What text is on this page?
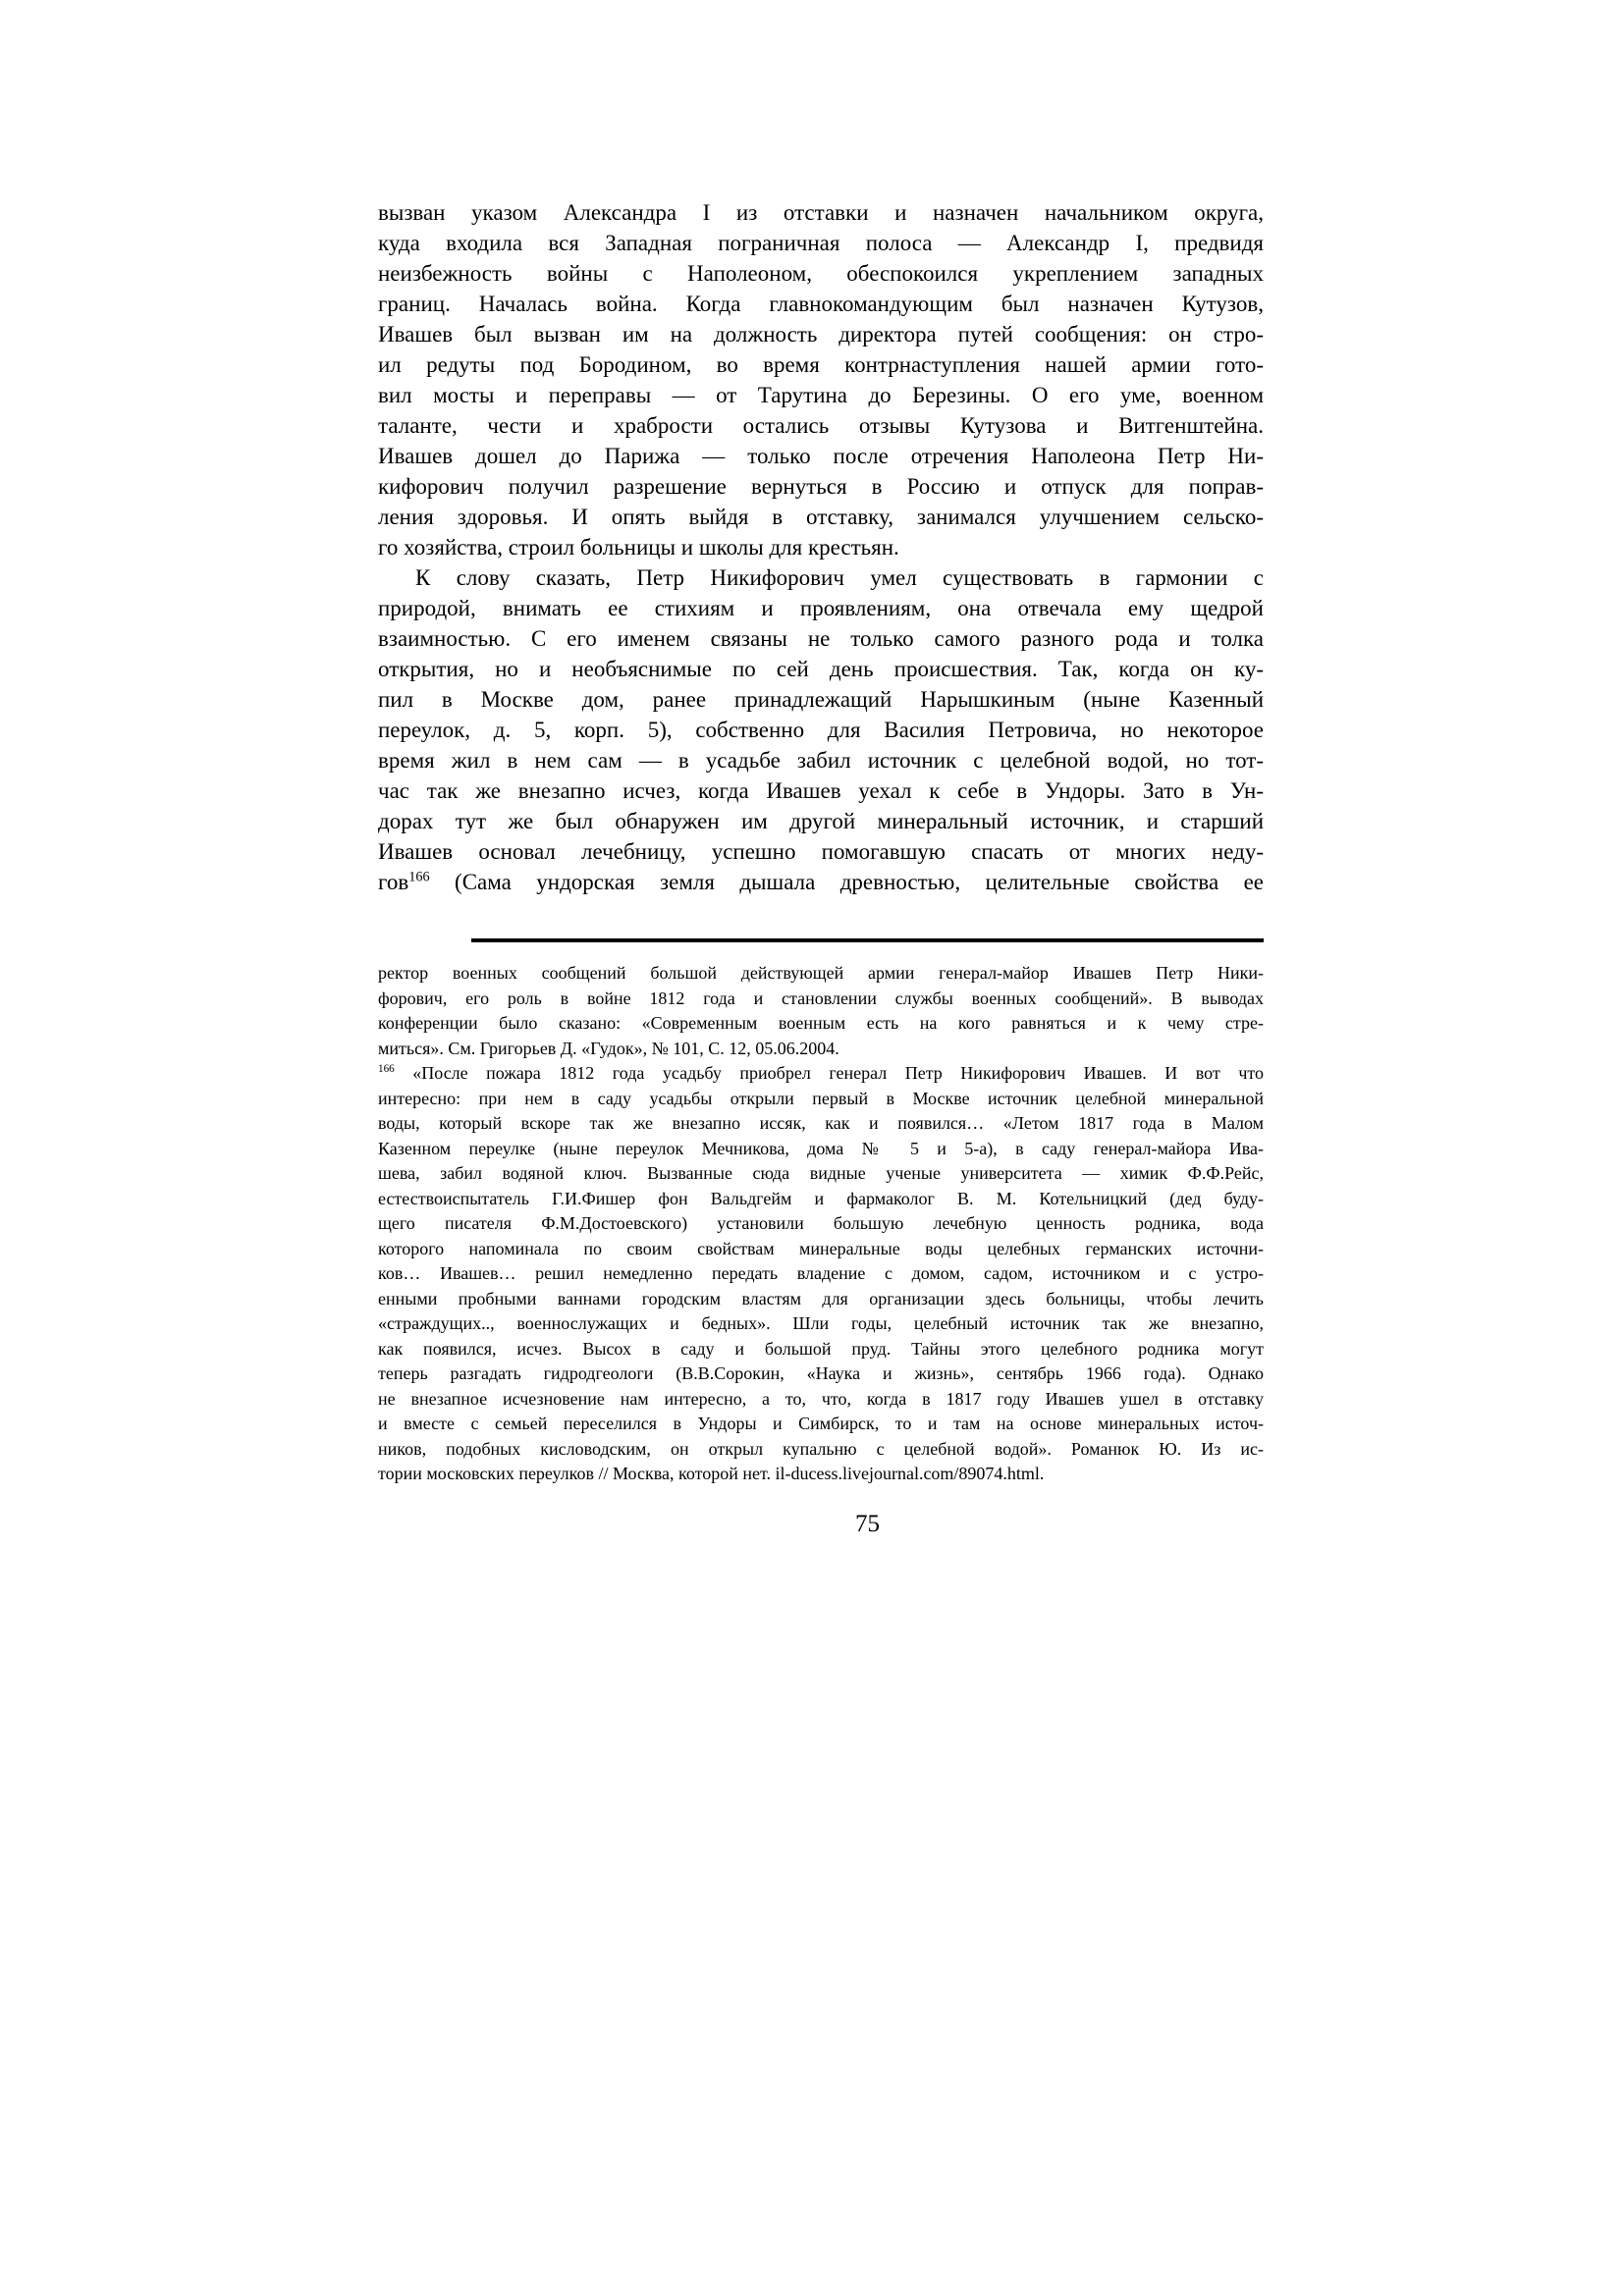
вызван указом Александра I из отставки и назначен начальником округа,
куда входила вся Западная пограничная полоса — Александр I, предвидя
неизбежность войны с Наполеоном, обеспокоился укреплением западных
границ. Началась война. Когда главнокомандующим был назначен Кутузов,
Ивашев был вызван им на должность директора путей сообщения: он стро-
ил редуты под Бородином, во время контрнаступления нашей армии гото-
вил мосты и переправы — от Тарутина до Березины. О его уме, военном
таланте, чести и храбрости остались отзывы Кутузова и Витгенштейна.
Ивашев дошел до Парижа — только после отречения Наполеона Петр Ни-
кифорович получил разрешение вернуться в Россию и отпуск для поправ-
ления здоровья. И опять выйдя в отставку, занимался улучшением сельско-
го хозяйства, строил больницы и школы для крестьян.
К слову сказать, Петр Никифорович умел существовать в гармонии с
природой, внимать ее стихиям и проявлениям, она отвечала ему щедрой
взаимностью. С его именем связаны не только самого разного рода и толка
открытия, но и необъяснимые по сей день происшествия. Так, когда он ку-
пил в Москве дом, ранее принадлежащий Нарышкиным (ныне Казенный
переулок, д. 5, корп. 5), собственно для Василия Петровича, но некоторое
время жил в нем сам — в усадьбе забил источник с целебной водой, но тот-
час так же внезапно исчез, когда Ивашев уехал к себе в Ундоры. Зато в Ун-
дорах тут же был обнаружен им другой минеральный источник, и старший
Ивашев основал лечебницу, успешно помогавшую спасать от многих неду-
гов$^{166}$ (Сама ундорская земля дышала древностью, целительные свойства ее
ректор военных сообщений большой действующей армии генерал-майор Ивашев Петр Ники-
форович, его роль в войне 1812 года и становлении службы военных сообщений». В выводах
конференции было сказано: «Современным военным есть на кого равняться и к чему стре-
миться». См. Григорьев Д. «Гудок», № 101, С. 12, 05.06.2004.
$^{166}$ «После пожара 1812 года усадьбу приобрел генерал Петр Никифорович Ивашев. И вот что
интересно: при нем в саду усадьбы открыли первый в Москве источник целебной минеральной
воды, который вскоре так же внезапно иссяк, как и появился… «Летом 1817 года в Малом
Казенном переулке (ныне переулок Мечникова, дома № 5 и 5-а), в саду генерал-майора Ива-
шева, забил водяной ключ. Вызванные сюда видные ученые университета — химик Ф.Ф.Рейс,
естествоиспытатель Г.И.Фишер фон Вальдгейм и фармаколог В. М. Котельницкий (дед буду-
щего писателя Ф.М.Достоевского) установили большую лечебную ценность родника, вода
которого напоминала по своим свойствам минеральные воды целебных германских источни-
ков… Ивашев… решил немедленно передать владение с домом, садом, источником и с устро-
енными пробными ваннами городским властям для организации здесь больницы, чтобы лечить
«страждущих.., военнослужащих и бедных». Шли годы, целебный источник так же внезапно,
как появился, исчез. Высох в саду и большой пруд. Тайны этого целебного родника могут
теперь разгадать гидродгеологи (В.В.Сорокин, «Наука и жизнь», сентябрь 1966 года). Однако
не внезапное исчезновение нам интересно, а то, что, когда в 1817 году Ивашев ушел в отставку
и вместе с семьей переселился в Ундоры и Симбирск, то и там на основе минеральных источ-
ников, подобных кисловодским, он открыл купальню с целебной водой». Романюк Ю. Из ис-
тории московских переулков // Москва, которой нет. il-ducess.livejournal.com/89074.html.
75
